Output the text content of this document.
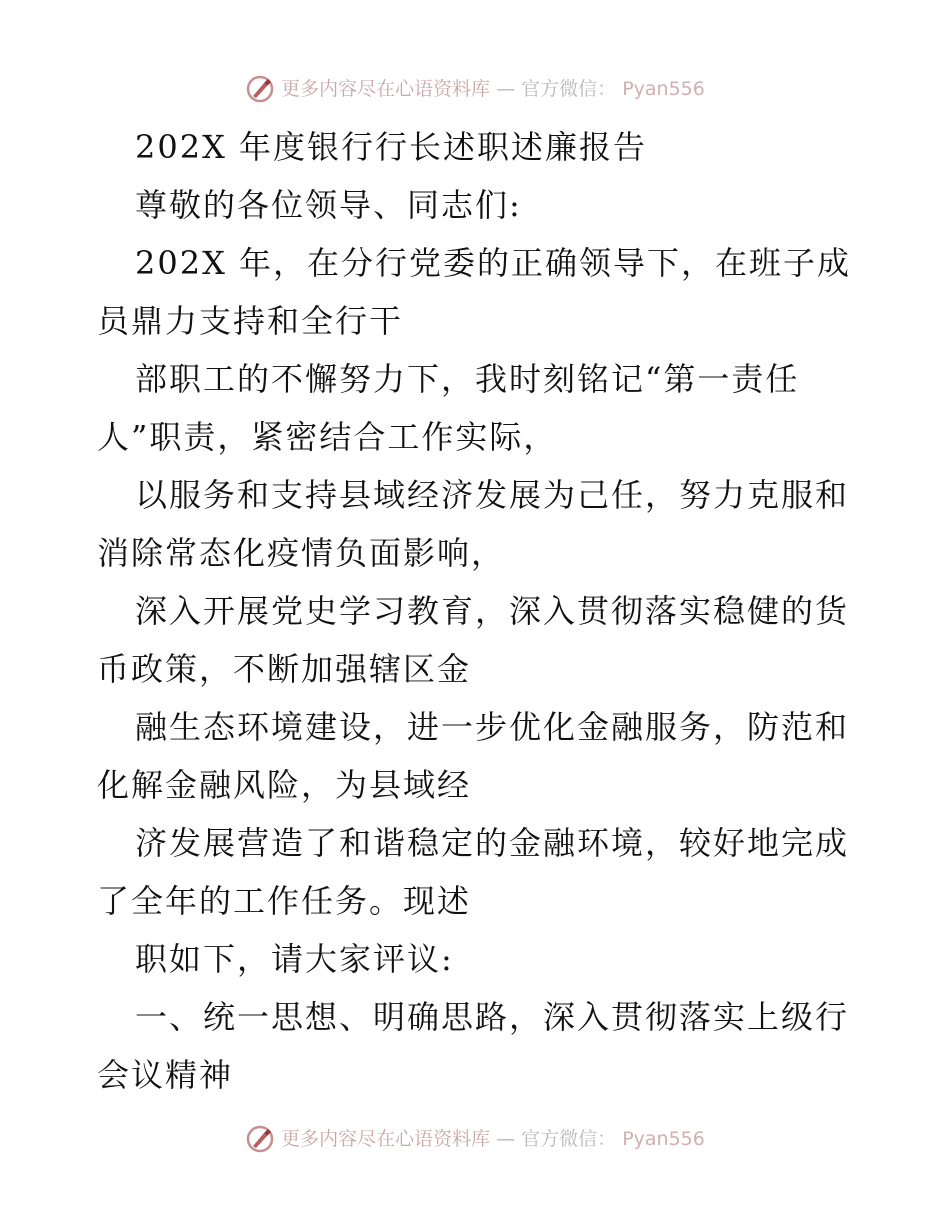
更多内容尽在心语资料库 — 官方微信： Pyan556

202X 年度银行行长述职述廉报告

尊敬的各位领导、同志们:

202X 年，在分行党委的正确领导下，在班子成员鼎力支持和全行干

部职工的不懈努力下，我时刻铭记“第一责任人”职责，紧密结合工作实际，

以服务和支持县域经济发展为己任，努力克服和消除常态化疫情负面影响，

深入开展党史学习教育，深入贯彻落实稳健的货币政策，不断加强辖区金

融生态环境建设，进一步优化金融服务，防范和化解金融风险，为县域经

济发展营造了和谐稳定的金融环境，较好地完成了全年的工作任务。现述

职如下，请大家评议:

一、统一思想、明确思路，深入贯彻落实上级行会议精神

更多内容尽在心语资料库 — 官方微信： Pyan556
